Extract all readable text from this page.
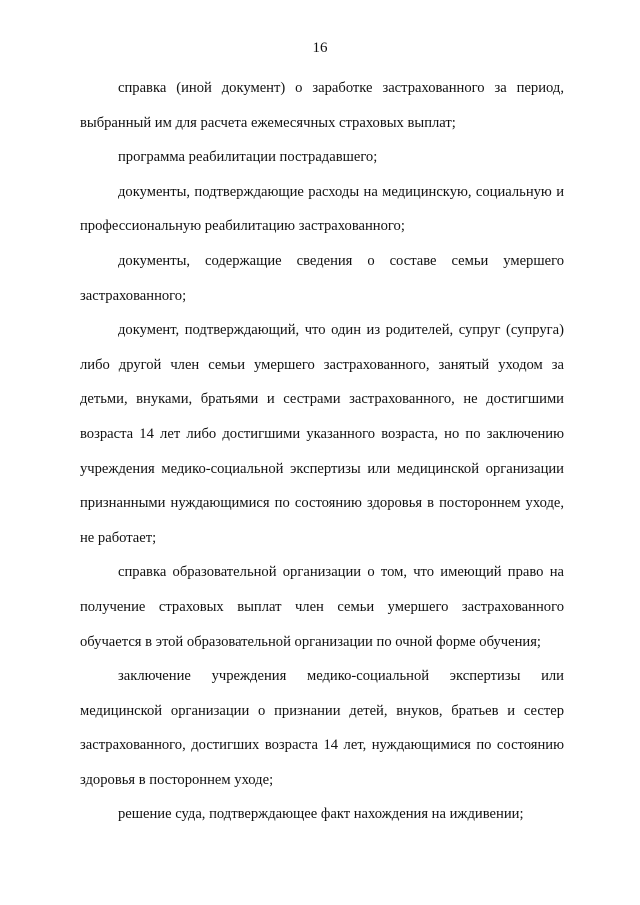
16

справка (иной документ) о заработке застрахованного за период, выбранный им для расчета ежемесячных страховых выплат;

программа реабилитации пострадавшего;

документы, подтверждающие расходы на медицинскую, социальную и профессиональную реабилитацию застрахованного;

документы, содержащие сведения о составе семьи умершего застрахованного;

документ, подтверждающий, что один из родителей, супруг (супруга) либо другой член семьи умершего застрахованного, занятый уходом за детьми, внуками, братьями и сестрами застрахованного, не достигшими возраста 14 лет либо достигшими указанного возраста, но по заключению учреждения медико-социальной экспертизы или медицинской организации признанными нуждающимися по состоянию здоровья в постороннем уходе, не работает;

справка образовательной организации о том, что имеющий право на получение страховых выплат член семьи умершего застрахованного обучается в этой образовательной организации по очной форме обучения;

заключение учреждения медико-социальной экспертизы или медицинской организации о признании детей, внуков, братьев и сестер застрахованного, достигших возраста 14 лет, нуждающимися по состоянию здоровья в постороннем уходе;

решение суда, подтверждающее факт нахождения на иждивении;
